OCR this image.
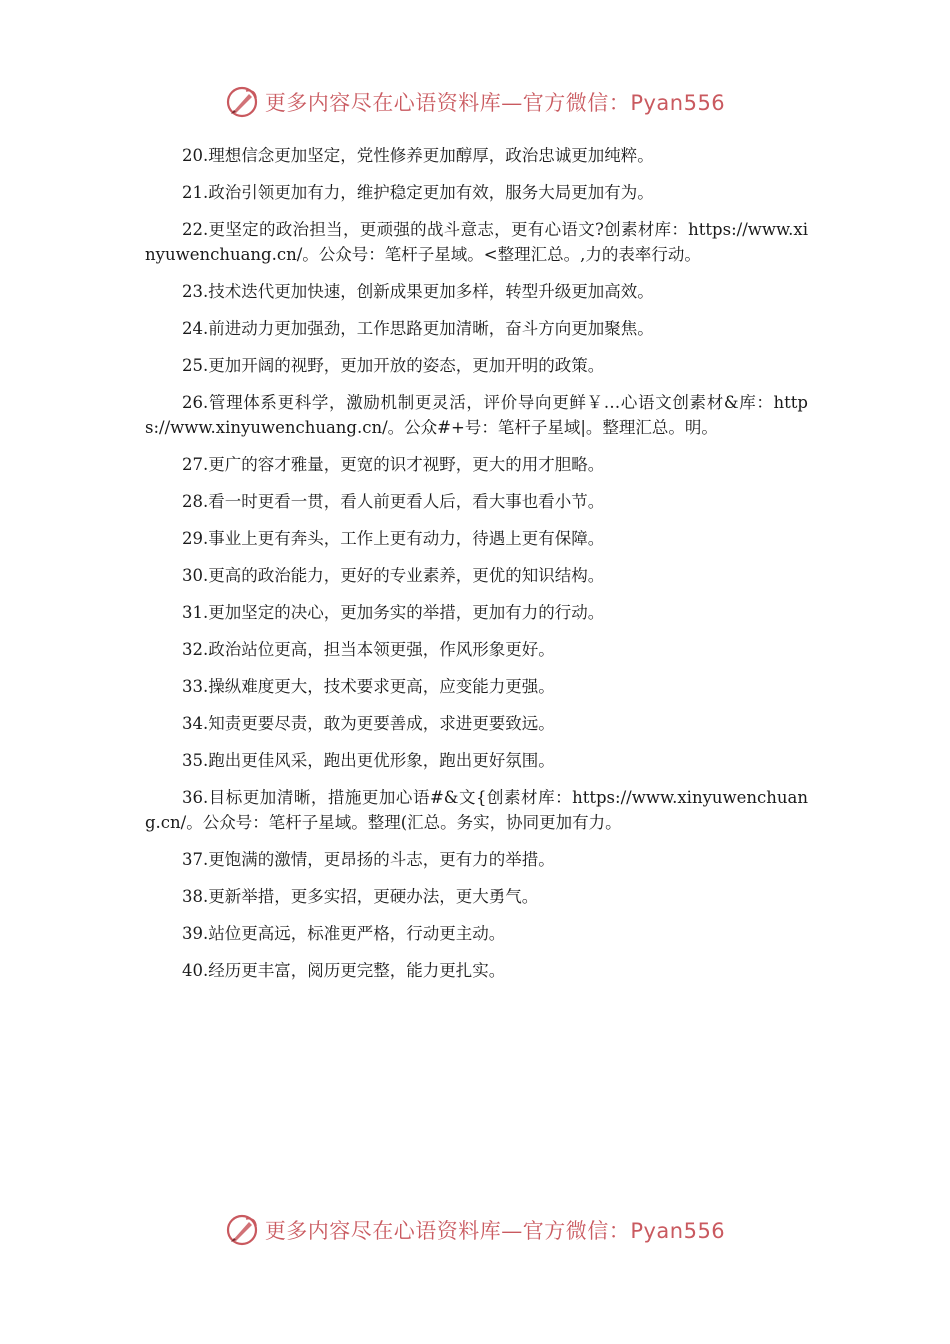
更多内容尽在心语资料库—官方微信：Pyan556

20.理想信念更加坚定，党性修养更加醇厚，政治忠诚更加纯粹。

21.政治引领更加有力，维护稳定更加有效，服务大局更加有为。

22.更坚定的政治担当，更顽强的战斗意志，更有心语文?创素材库：https://www.xinyuwenchuang.cn/。公众号：笔杆子星域。<整理汇总。,力的表率行动。

23.技术迭代更加快速，创新成果更加多样，转型升级更加高效。

24.前进动力更加强劲，工作思路更加清晰，奋斗方向更加聚焦。

25.更加开阔的视野，更加开放的姿态，更加开明的政策。

26.管理体系更科学，激励机制更灵活，评价导向更鲜￥…心语文创素材&库：https://www.xinyuwenchuang.cn/。公众#+号：笔杆子星域|。整理汇总。明。

27.更广的容才雅量，更宽的识才视野，更大的用才胆略。

28.看一时更看一贯，看人前更看人后，看大事也看小节。

29.事业上更有奔头，工作上更有动力，待遇上更有保障。

30.更高的政治能力，更好的专业素养，更优的知识结构。

31.更加坚定的决心，更加务实的举措，更加有力的行动。

32.政治站位更高，担当本领更强，作风形象更好。

33.操纵难度更大，技术要求更高，应变能力更强。

34.知责更要尽责，敢为更要善成，求进更要致远。

35.跑出更佳风采，跑出更优形象，跑出更好氛围。

36.目标更加清晰，措施更加心语#&文{创素材库：https://www.xinyuwenchuang.cn/。公众号：笔杆子星域。整理(汇总。务实，协同更加有力。

37.更饱满的激情，更昂扬的斗志，更有力的举措。

38.更新举措，更多实招，更硬办法，更大勇气。

39.站位更高远，标准更严格，行动更主动。

40.经历更丰富，阅历更完整，能力更扎实。

更多内容尽在心语资料库—官方微信：Pyan556
